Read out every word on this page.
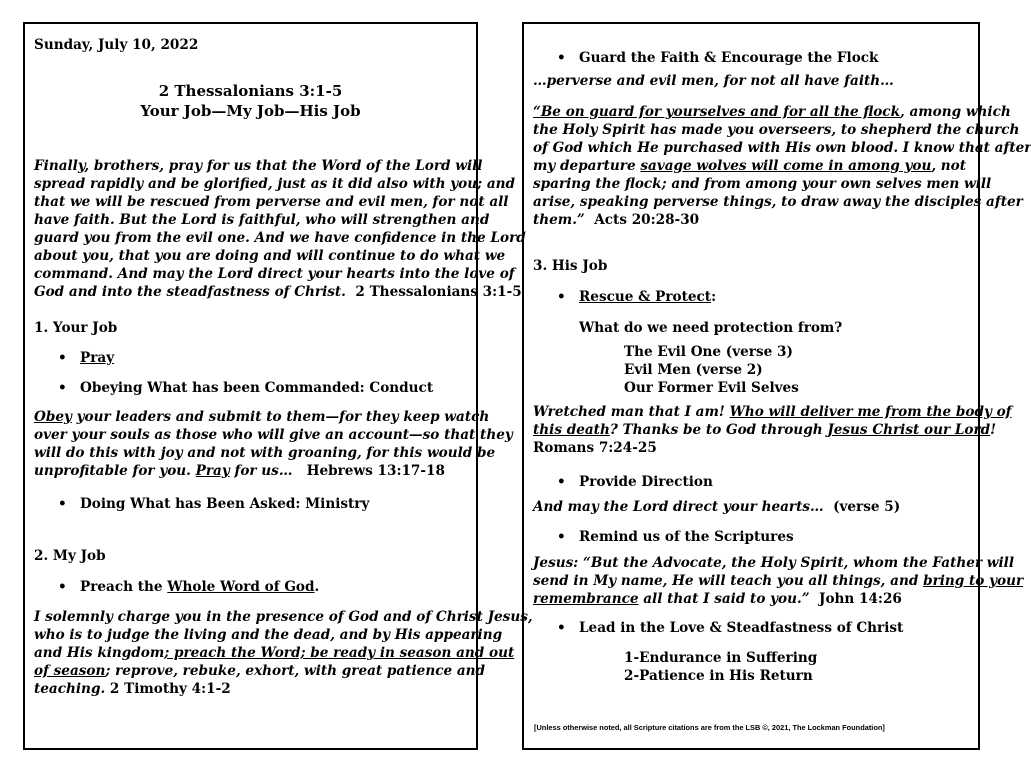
Sunday, July 10, 2022
2 Thessalonians 3:1-5
Your Job—My Job—His Job
Finally, brothers, pray for us that the Word of the Lord will
spread rapidly and be glorified, just as it did also with you; and
that we will be rescued from perverse and evil men, for not all
have faith. But the Lord is faithful, who will strengthen and
guard you from the evil one. And we have confidence in the Lord
about you, that you are doing and will continue to do what we
command. And may the Lord direct your hearts into the love of
God and into the steadfastness of Christ. 2 Thessalonians 3:1-5
1. Your Job
• Pray
• Obeying What has been Commanded: Conduct
Obey your leaders and submit to them—for they keep watch
over your souls as those who will give an account—so that they
will do this with joy and not with groaning, for this would be
unprofitable for you. Pray for us… Hebrews 13:17-18
• Doing What has Been Asked: Ministry
2. My Job
• Preach the Whole Word of God.
I solemnly charge you in the presence of God and of Christ Jesus,
who is to judge the living and the dead, and by His appearing
and His kingdom; preach the Word; be ready in season and out
of season; reprove, rebuke, exhort, with great patience and
teaching. 2 Timothy 4:1-2
• Guard the Faith & Encourage the Flock
…perverse and evil men, for not all have faith…
“Be on guard for yourselves and for all the flock, among which
the Holy Spirit has made you overseers, to shepherd the church
of God which He purchased with His own blood. I know that after
my departure savage wolves will come in among you, not
sparing the flock; and from among your own selves men will
arise, speaking perverse things, to draw away the disciples after
them.” Acts 20:28-30
3. His Job
• Rescue & Protect:
What do we need protection from?
The Evil One (verse 3)
Evil Men (verse 2)
Our Former Evil Selves
Wretched man that I am! Who will deliver me from the body of
this death? Thanks be to God through Jesus Christ our Lord!
Romans 7:24-25
• Provide Direction
And may the Lord direct your hearts… (verse 5)
• Remind us of the Scriptures
Jesus: “But the Advocate, the Holy Spirit, whom the Father will
send in My name, He will teach you all things, and bring to your
remembrance all that I said to you.” John 14:26
• Lead in the Love & Steadfastness of Christ
1-Endurance in Suffering
2-Patience in His Return
[Unless otherwise noted, all Scripture citations are from the LSB ©, 2021, The Lockman Foundation]
